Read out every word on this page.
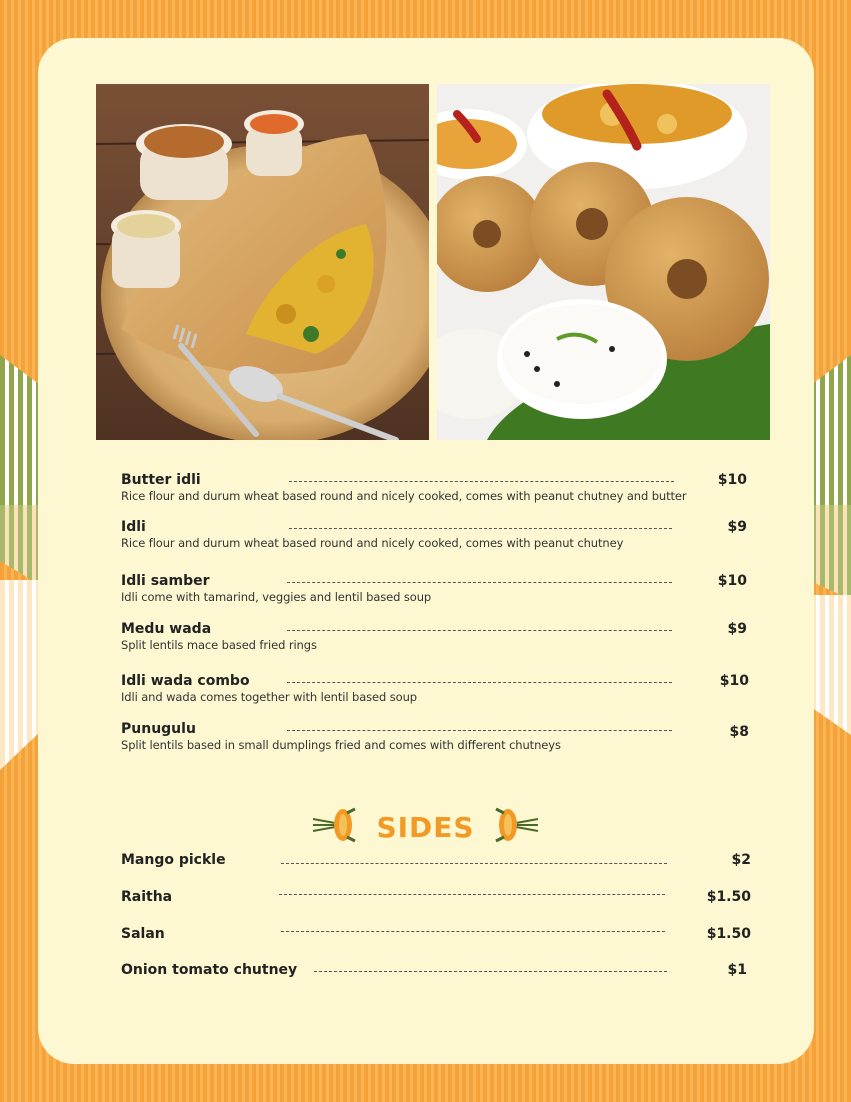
Butter idli	$10
Rice flour and durum wheat based round and nicely cooked, comes with peanut chutney and butter
Idli	$9
Rice flour and durum wheat based round and nicely cooked, comes with peanut chutney
Idli samber	$10
Idli come with tamarind, veggies and lentil based soup
Medu wada	$9
Split lentils mace based fried rings
Idli wada combo	$10
Idli and wada comes together with lentil based soup
Punugulu	$8
Split lentils based in small dumplings fried and comes with different chutneys
SIDES
Mango pickle	$2
Raitha	$1.50
Salan	$1.50
Onion tomato chutney	$1
